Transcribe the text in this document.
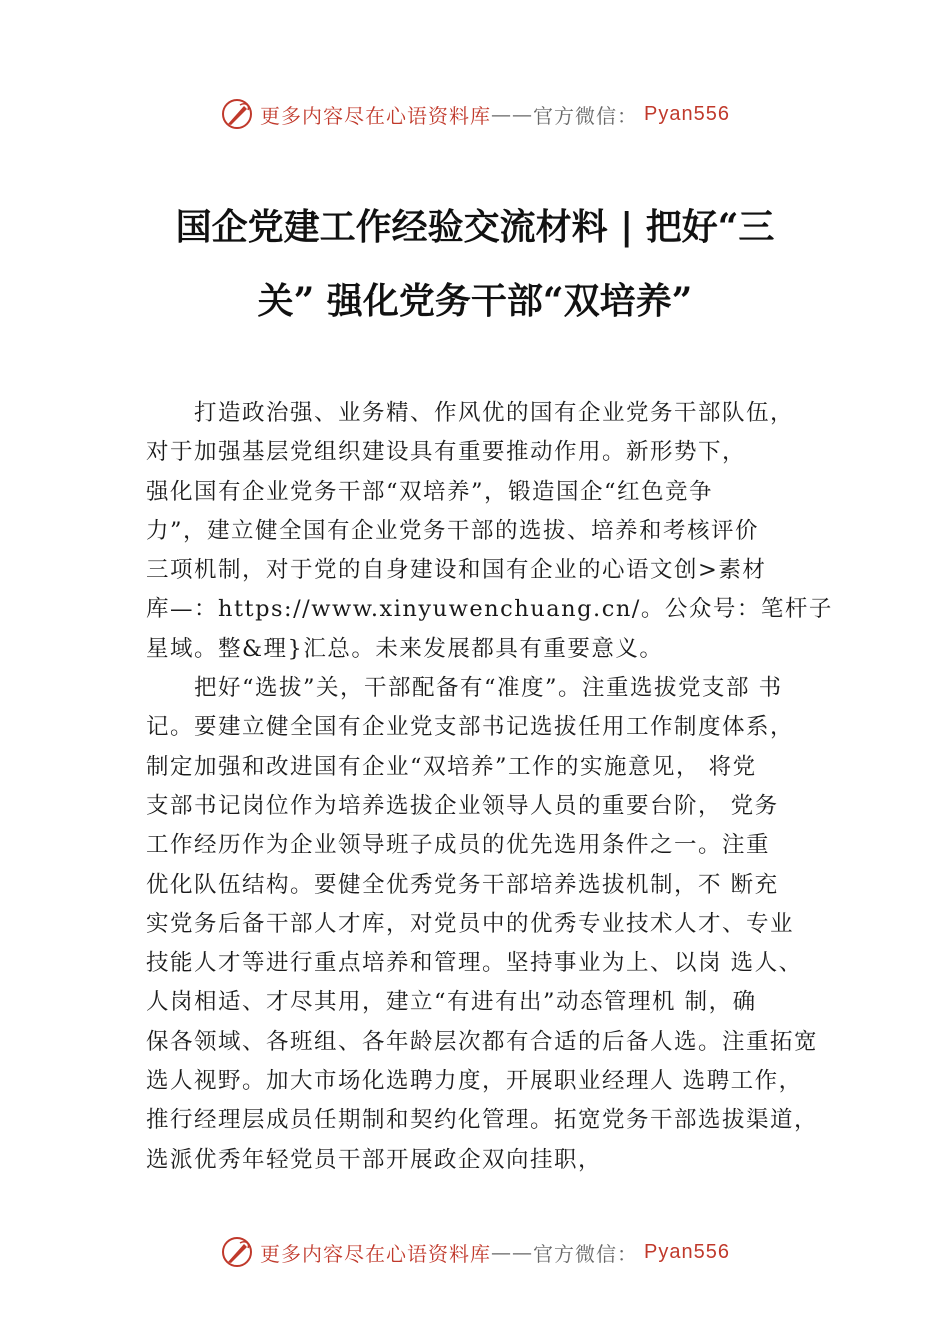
更多内容尽在心语资料库 —— 官方微信： Pyan556
国企党建工作经验交流材料 | 把好“三
关” 强化党务干部“双培养”
　　打造政治强、业务精、作风优的国有企业党务干部队伍，
对于加强基层党组织建设具有重要推动作用。新形势下，
强化国有企业党务干部“双培养”，锻造国企“红色竞争
力”，建立健全国有企业党务干部的选拔、培养和考核评价
三项机制，对于党的自身建设和国有企业的心语文创>素材
库—：https://www.xinyuwenchuang.cn/。公众号：笔杆子
星域。整&理}汇总。未来发展都具有重要意义。
　　把好“选拔”关，干部配备有“准度”。注重选拔党支部 书
记。要建立健全国有企业党支部书记选拔任用工作制度体系，
制定加强和改进国有企业“双培养”工作的实施意见， 将党
支部书记岗位作为培养选拔企业领导人员的重要台阶， 党务
工作经历作为企业领导班子成员的优先选用条件之一。注重
优化队伍结构。要健全优秀党务干部培养选拔机制，不 断充
实党务后备干部人才库，对党员中的优秀专业技术人才、专业
技能人才等进行重点培养和管理。坚持事业为上、以岗 选人、
人岗相适、才尽其用，建立“有进有出”动态管理机 制，确
保各领域、各班组、各年龄层次都有合适的后备人选。注重拓宽
选人视野。加大市场化选聘力度，开展职业经理人 选聘工作，
推行经理层成员任期制和契约化管理。拓宽党务干部选拔渠道，
选派优秀年轻党员干部开展政企双向挂职，
更多内容尽在心语资料库 —— 官方微信： Pyan556
